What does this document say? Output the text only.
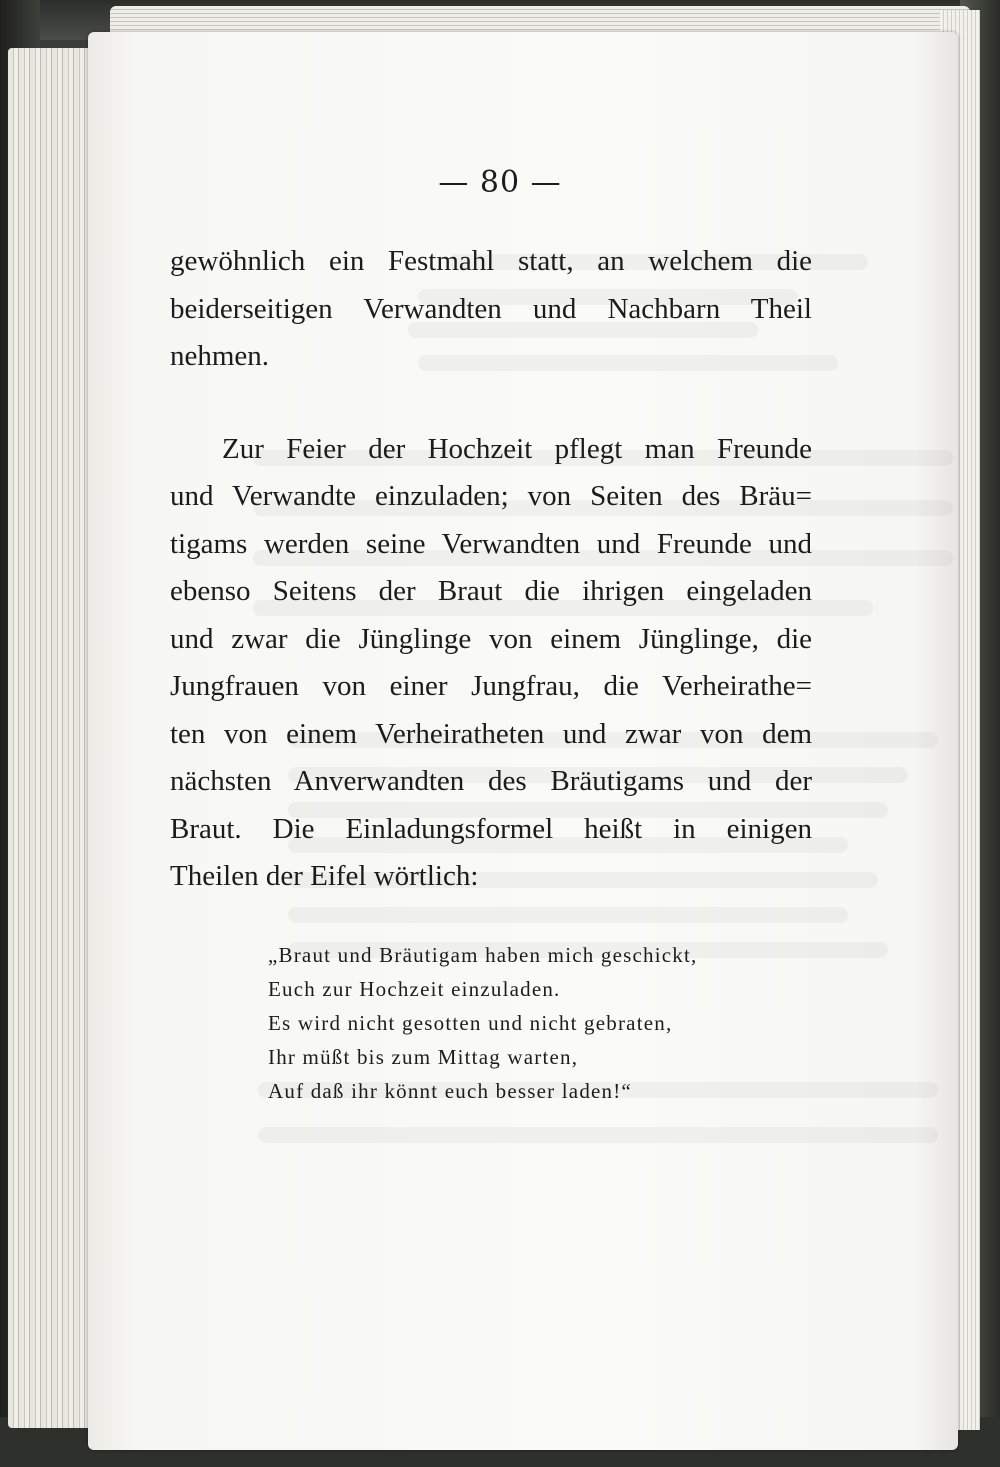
— 80 —

gewöhnlich ein Festmahl statt, an welchem die
beiderseitigen Verwandten und Nachbarn Theil
nehmen.

Zur Feier der Hochzeit pflegt man Freunde
und Verwandte einzuladen; von Seiten des Bräu=
tigams werden seine Verwandten und Freunde und
ebenso Seitens der Braut die ihrigen eingeladen
und zwar die Jünglinge von einem Jünglinge, die
Jungfrauen von einer Jungfrau, die Verheirathe=
ten von einem Verheiratheten und zwar von dem
nächsten Anverwandten des Bräutigams und der
Braut. Die Einladungsformel heißt in einigen
Theilen der Eifel wörtlich:

„Braut und Bräutigam haben mich geschickt,
Euch zur Hochzeit einzuladen.
Es wird nicht gesotten und nicht gebraten,
Ihr müßt bis zum Mittag warten,
Auf daß ihr könnt euch besser laden!“
